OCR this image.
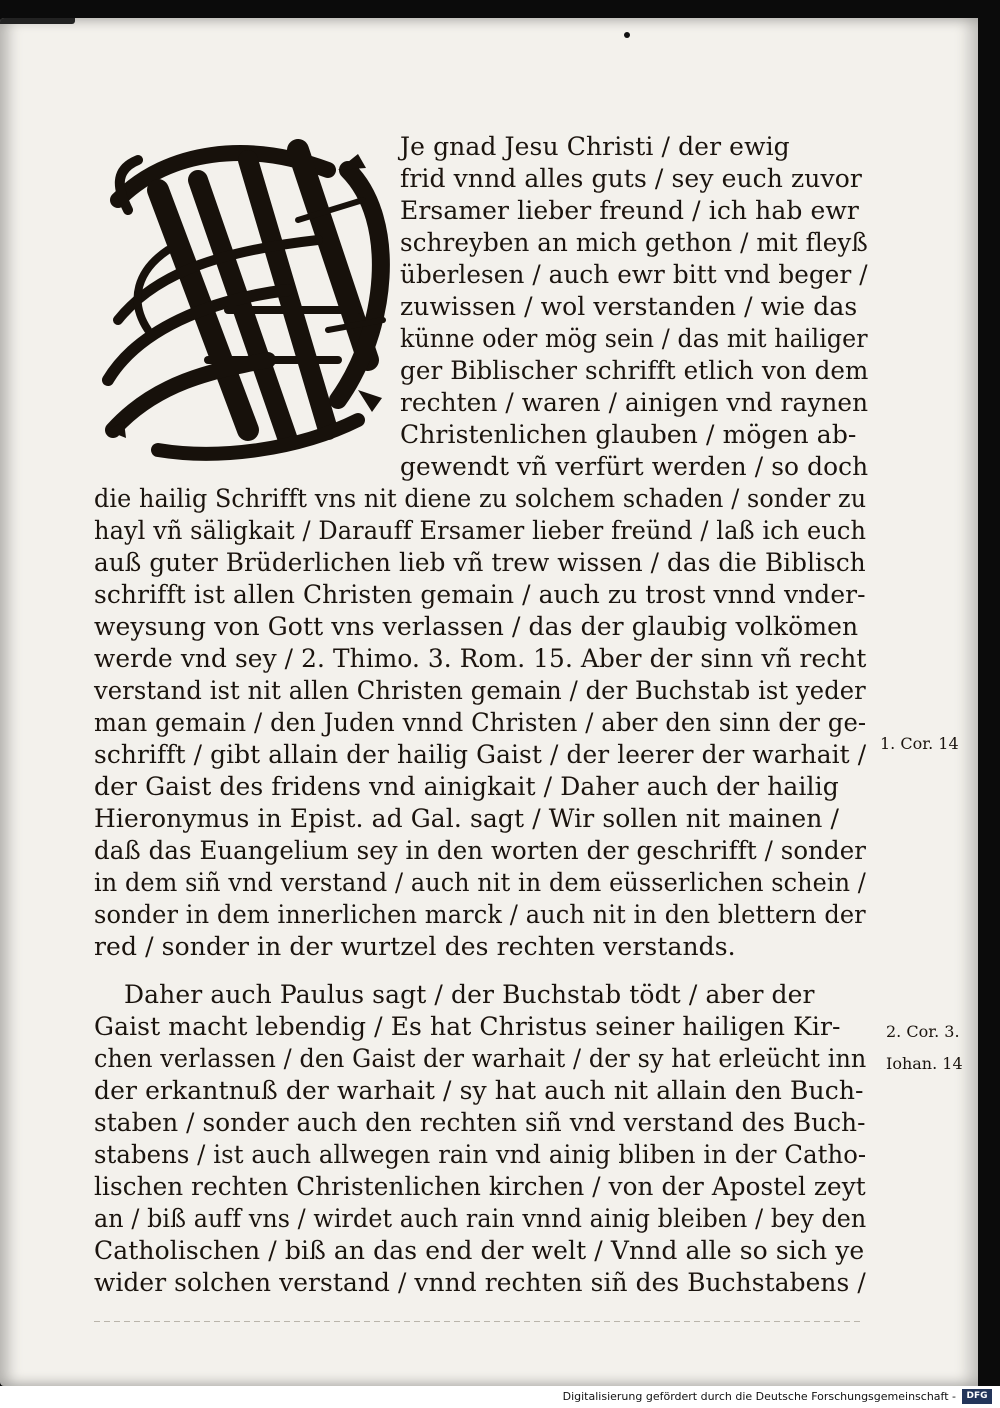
Je gnad Jesu Christi / der ewig
frid vnnd alles guts / sey euch zuvor
Ersamer lieber freund / ich hab ewr
schreyben an mich gethon / mit fleyß
überlesen / auch ewr bitt vnd beger /
zuwissen / wol verstanden / wie das
künne oder mög sein / das mit hailiger
ger Biblischer schrifft etlich von dem
rechten / waren / ainigen vnd raynen
Christenlichen glauben / mögen ab-
gewendt vñ verfürt werden / so doch
die hailig Schrifft vns nit diene zu solchem schaden / sonder zu
hayl vñ säligkait / Darauff Ersamer lieber freünd / laß ich euch
auß guter Brüderlichen lieb vñ trew wissen / das die Biblisch
schrifft ist allen Christen gemain / auch zu trost vnnd vnder-
weysung von Gott vns verlassen / das der glaubig volkömen
werde vnd sey / 2. Thimo. 3. Rom. 15. Aber der sinn vñ recht
verstand ist nit allen Christen gemain / der Buchstab ist yeder
man gemain / den Juden vnnd Christen / aber den sinn der ge-
schrifft / gibt allain der hailig Gaist / der leerer der warhait /
der Gaist des fridens vnd ainigkait / Daher auch der hailig
Hieronymus in Epist. ad Gal. sagt / Wir sollen nit mainen /
daß das Euangelium sey in den worten der geschrifft / sonder
in dem siñ vnd verstand / auch nit in dem eüsserlichen schein /
sonder in dem innerlichen marck / auch nit in den blettern der
red / sonder in der wurtzel des rechten verstands.
Daher auch Paulus sagt / der Buchstab tödt / aber der
Gaist macht lebendig / Es hat Christus seiner hailigen Kir-
chen verlassen / den Gaist der warhait / der sy hat erleücht inn
der erkantnuß der warhait / sy hat auch nit allain den Buch-
staben / sonder auch den rechten siñ vnd verstand des Buch-
stabens / ist auch allwegen rain vnd ainig bliben in der Catho-
lischen rechten Christenlichen kirchen / von der Apostel zeyt
an / biß auff vns / wirdet auch rain vnnd ainig bleiben / bey den
Catholischen / biß an das end der welt / Vnnd alle so sich ye
wider solchen verstand / vnnd rechten siñ des Buchstabens /
1. Cor. 14
2. Cor. 3.
Iohan. 14
Digitalisierung gefördert durch die Deutsche Forschungsgemeinschaft -	DFG
